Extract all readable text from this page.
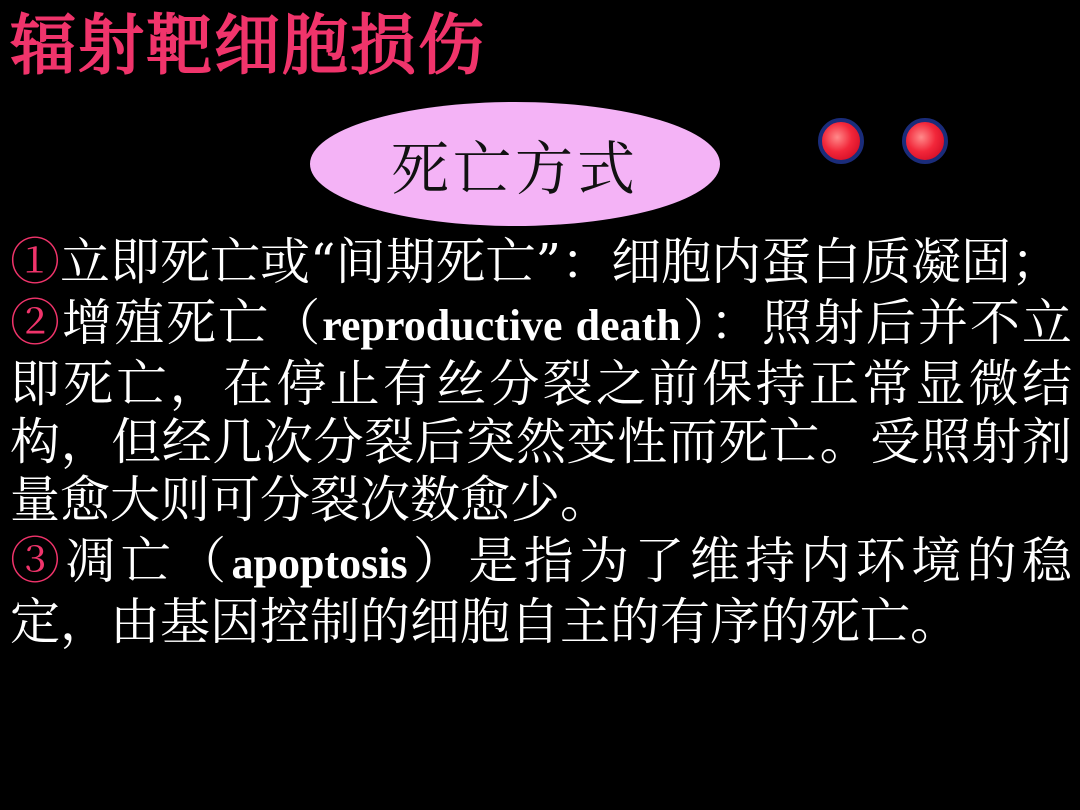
辐射靶细胞损伤
死亡方式

①立即死亡或“间期死亡”：细胞内蛋白质凝固；

②增殖死亡（reproductive death）：照射后并不立即死亡，在停止有丝分裂之前保持正常显微结构，但经几次分裂后突然变性而死亡。受照射剂量愈大则可分裂次数愈少。

③凋亡（apoptosis）是指为了维持内环境的稳定，由基因控制的细胞自主的有序的死亡。
